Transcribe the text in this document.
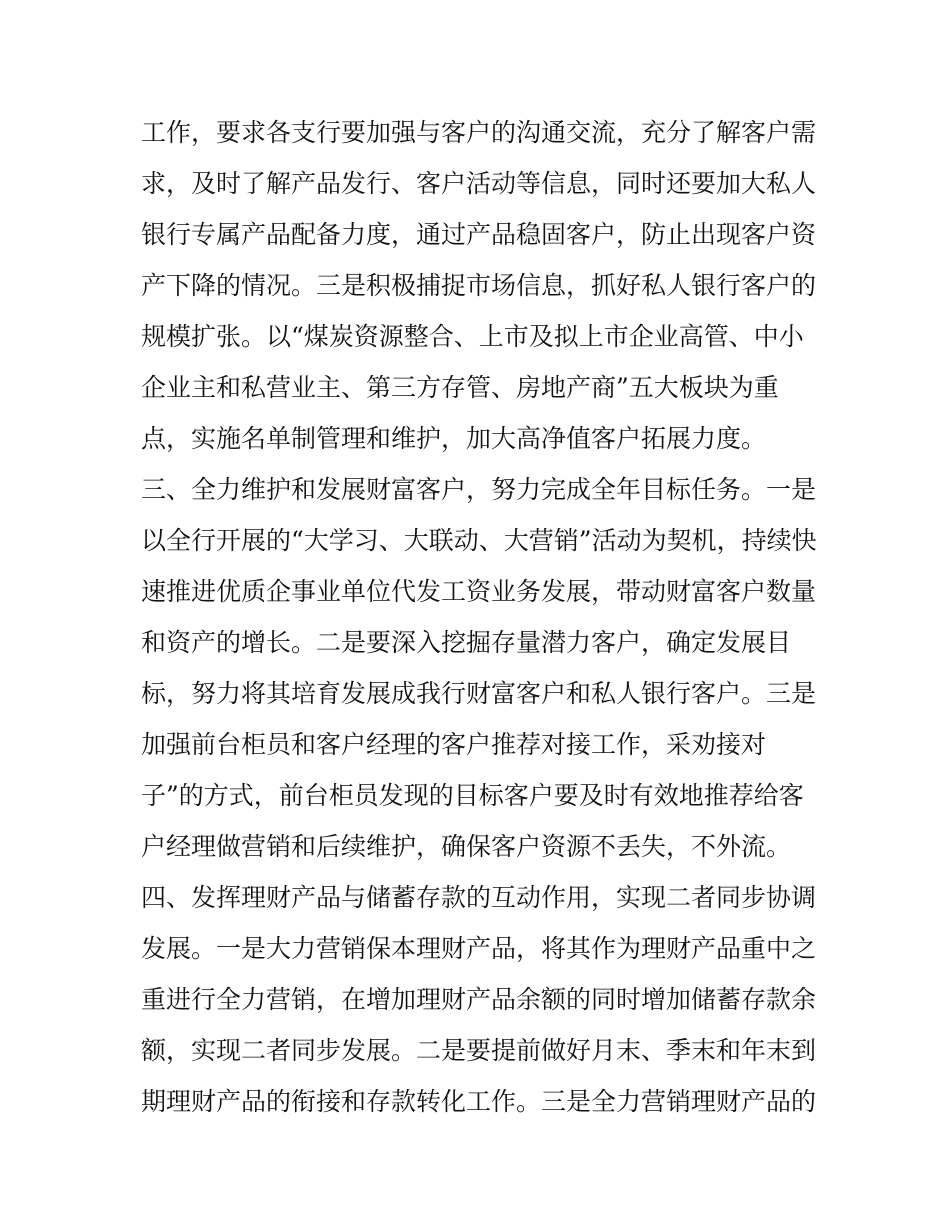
工作，要求各支行要加强与客户的沟通交流，充分了解客户需
求，及时了解产品发行、客户活动等信息，同时还要加大私人
银行专属产品配备力度，通过产品稳固客户，防止出现客户资
产下降的情况。三是积极捕捉市场信息，抓好私人银行客户的
规模扩张。以“煤炭资源整合、上市及拟上市企业高管、中小
企业主和私营业主、第三方存管、房地产商”五大板块为重
点，实施名单制管理和维护，加大高净值客户拓展力度。
三、全力维护和发展财富客户，努力完成全年目标任务。一是
以全行开展的“大学习、大联动、大营销”活动为契机，持续快
速推进优质企事业单位代发工资业务发展，带动财富客户数量
和资产的增长。二是要深入挖掘存量潜力客户，确定发展目
标，努力将其培育发展成我行财富客户和私人银行客户。三是
加强前台柜员和客户经理的客户推荐对接工作，采劝接对
子”的方式，前台柜员发现的目标客户要及时有效地推荐给客
户经理做营销和后续维护，确保客户资源不丢失，不外流。
四、发挥理财产品与储蓄存款的互动作用，实现二者同步协调
发展。一是大力营销保本理财产品，将其作为理财产品重中之
重进行全力营销，在增加理财产品余额的同时增加储蓄存款余
额，实现二者同步发展。二是要提前做好月末、季末和年末到
期理财产品的衔接和存款转化工作。三是全力营销理财产品的
